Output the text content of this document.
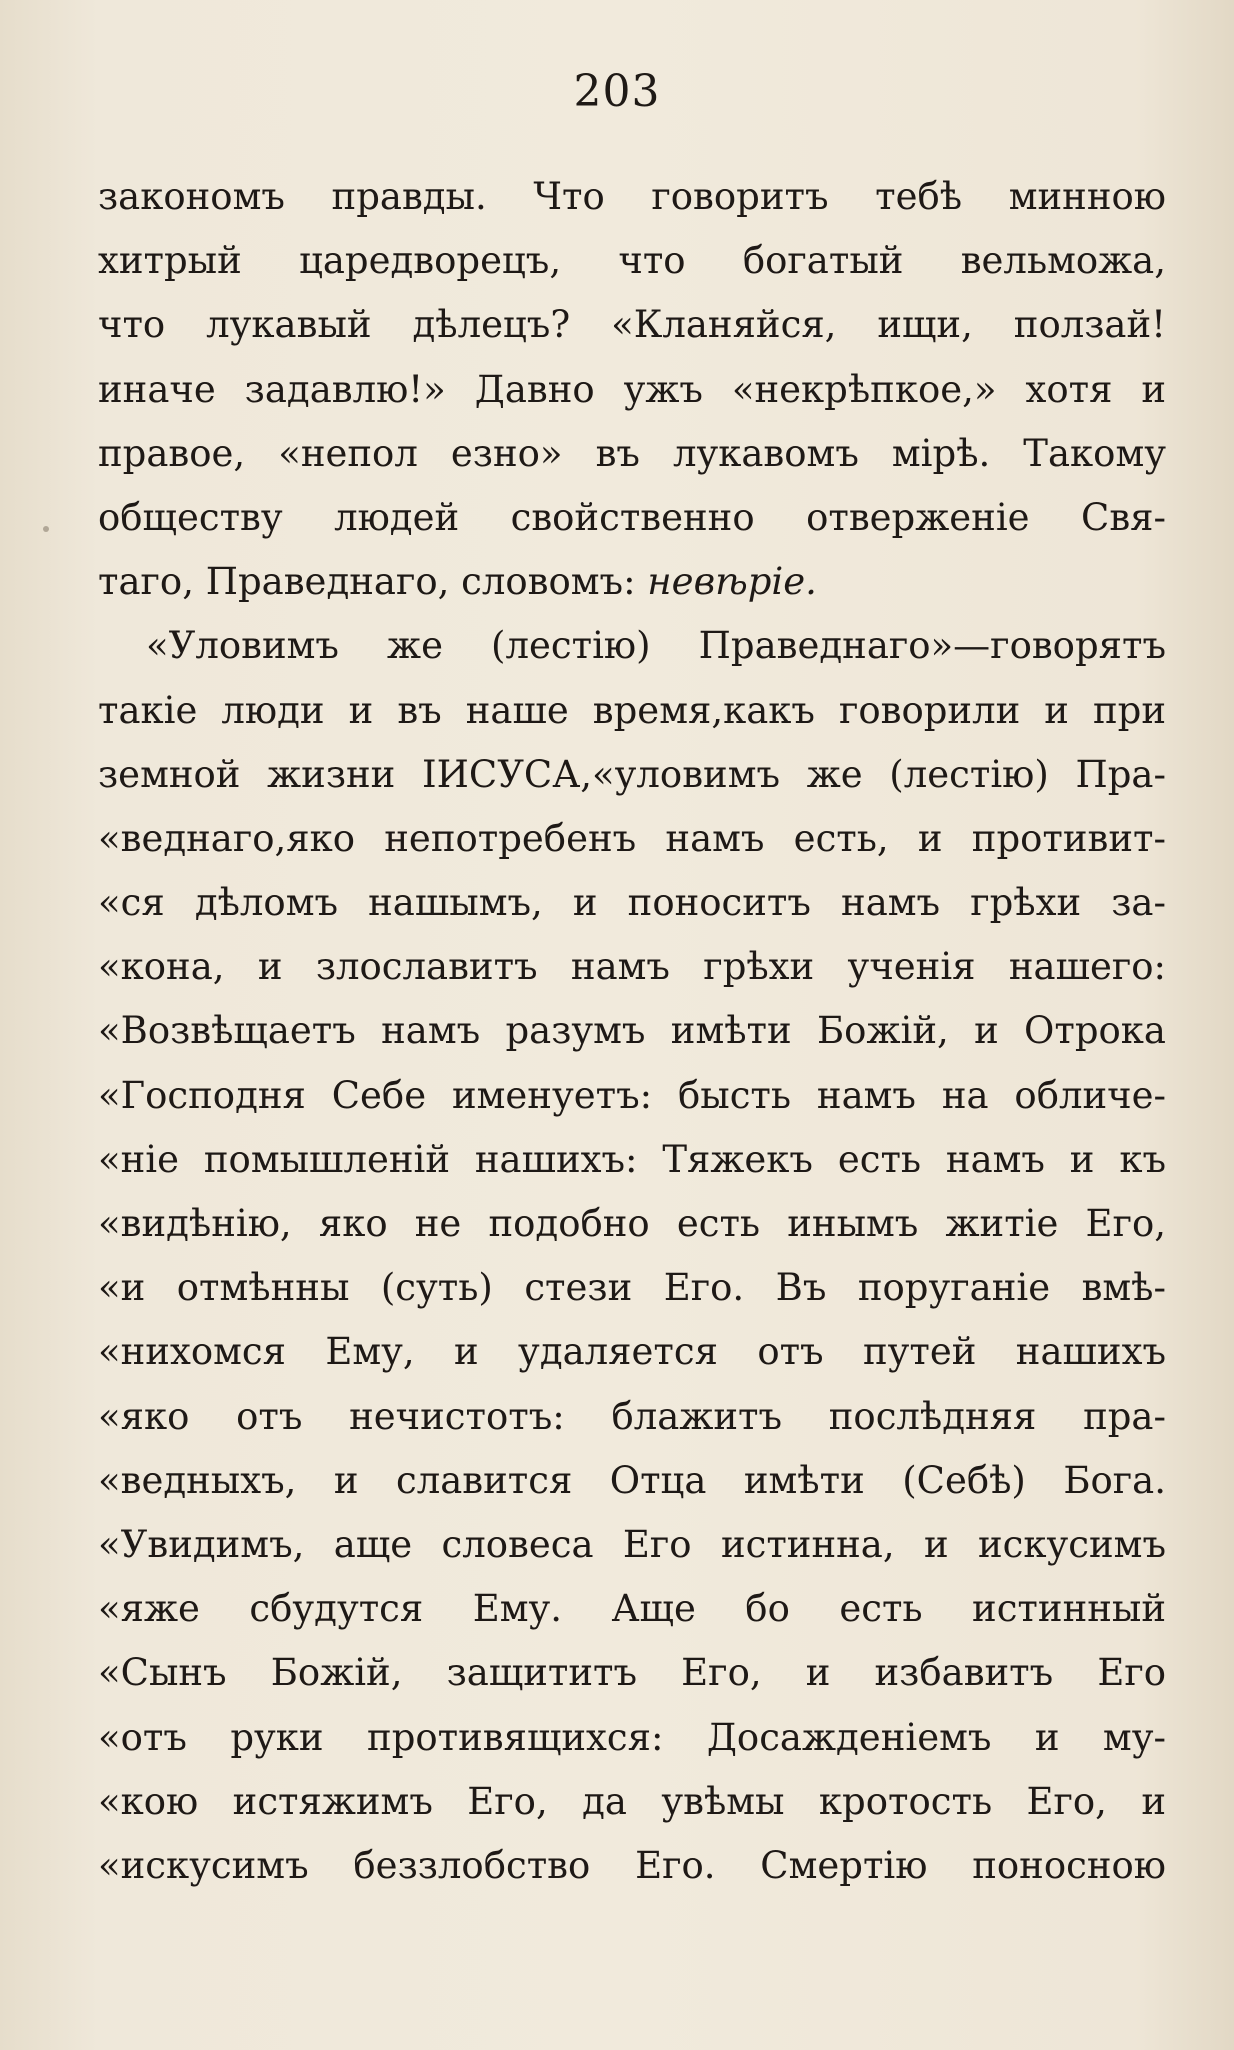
203
закономъ правды. Что говоритъ тебѣ минною
хитрый царедворецъ, что богатый вельможа,
что лукавый дѣлецъ? «Кланяйся, ищи, ползай!
иначе задавлю!» Давно ужъ «некрѣпкое,» хотя и
правое, «непол езно» въ лукавомъ мірѣ. Такому
обществу людей свойственно отверженіе Свя-
таго, Праведнаго, словомъ: невѣріе.
«Уловимъ же (лестію) Праведнаго»—говорятъ
такіе люди и въ наше время,какъ говорили и при
земной жизни ІИСУСА,«уловимъ же (лестію) Пра-
«веднаго,яко непотребенъ намъ есть, и противит-
«ся дѣломъ нашымъ, и поноситъ намъ грѣхи за-
«кона, и злославитъ намъ грѣхи ученія нашего:
«Возвѣщаетъ намъ разумъ имѣти Божій, и Отрока
«Господня Себе именуетъ: бысть намъ на обличе-
«ніе помышленій нашихъ: Тяжекъ есть намъ и къ
«видѣнію, яко не подобно есть инымъ житіе Его,
«и отмѣнны (суть) стези Его. Въ поруганіе вмѣ-
«нихомся Ему, и удаляется отъ путей нашихъ
«яко отъ нечистотъ: блажитъ послѣдняя пра-
«ведныхъ, и славится Отца имѣти (Себѣ) Бога.
«Увидимъ, аще словеса Его истинна, и искусимъ
«яже сбудутся Ему. Аще бо есть истинный
«Сынъ Божій, защититъ Его, и избавитъ Его
«отъ руки противящихся: Досажденіемъ и му-
«кою истяжимъ Его, да увѣмы кротость Его, и
«искусимъ беззлобство Его. Смертію поносною
